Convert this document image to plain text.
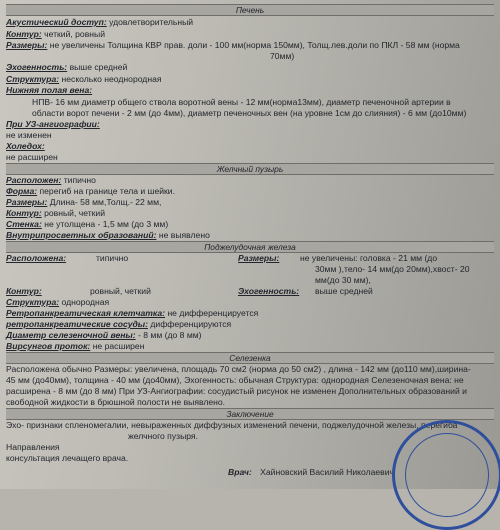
Печень
Акустический доступ: удовлетворительный
Контур: четкий, ровный
Размеры: не увеличены Толщина КВР прав. доли - 100 мм(норма 150мм), Толщ.лев.доли по ПКЛ - 58 мм (норма
70мм)
Эхогенность: выше средней
Структура: несколько неоднородная
Нижняя полая вена:
НПВ- 16 мм диаметр общего ствола воротной вены - 12 мм(норма13мм), диаметр печеночной артерии в
области ворот печени - 2 мм (до 4мм), диаметр печеночных вен (на уровне 1см до слияния) - 6 мм (до10мм)
При УЗ-ангиографии:
не изменен
Холедох:
не расширен
Желчный пузырь
Расположен: типично
Форма: перегиб на границе тела и шейки.
Размеры: Длина- 58 мм,Толщ.- 22 мм,
Контур: ровный, четкий
Стенка: не утолщена - 1,5 мм (до 3 мм)
Внутрипросветных образований: не выявлено
Поджелудочная железа
Расположена:	типично	Размеры: не увеличены: головка - 21 мм (до
30мм ),тело- 14 мм(до 20мм),хвост- 20
мм(до 30 мм),
Контур:	ровный, четкий	Эхогенность: выше средней
Структура: однородная
Ретропанкреатическая клетчатка: не дифференцируется
ретропанкреатические сосуды: дифференцируются
Диаметр селезеночной вены: - 8 мм (до 8 мм)
Вирсунгов проток: не расширен
Селезенка
Расположена обычно Размеры: увеличена, площадь 70 см2 (норма до 50 см2) , длина - 142 мм (до110 мм),ширина-
45 мм (до40мм), толщина - 40 мм (до40мм), Эхогенность: обычная Структура: однородная Селезеночная вена: не
расширена - 8 мм (до 8 мм) При УЗ-Ангиографии: сосудистый рисунок не изменен Дополнительных образований и
свободной жидкости в брюшной полости не выявлено.
Заключение
Эхо- признаки спленомегалии, невыраженных диффузных изменений печени, поджелудочной железы, перегиба
желчного пузыря.
Направления
консультация лечащего врача.
Врач: Хайновский Василий Николаевич
